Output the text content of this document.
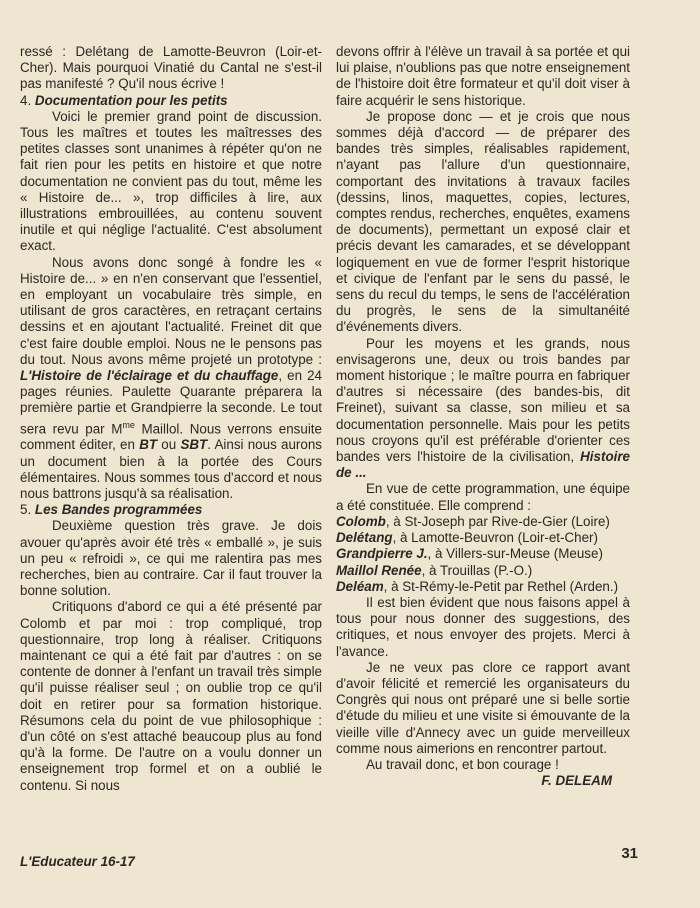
ressé : Delétang de Lamotte-Beuvron (Loir-et-Cher). Mais pourquoi Vinatié du Cantal ne s'est-il pas manifesté ? Qu'il nous écrive !

4. Documentation pour les petits

Voici le premier grand point de discussion. Tous les maîtres et toutes les maîtresses des petites classes sont unanimes à répéter qu'on ne fait rien pour les petits en histoire et que notre documentation ne convient pas du tout, même les « Histoire de... », trop difficiles à lire, aux illustrations embrouillées, au contenu souvent inutile et qui néglige l'actualité. C'est absolument exact.

Nous avons donc songé à fondre les « Histoire de... » en n'en conservant que l'essentiel, en employant un vocabulaire très simple, en utilisant de gros caractères, en retraçant certains dessins et en ajoutant l'actualité. Freinet dit que c'est faire double emploi. Nous ne le pensons pas du tout. Nous avons même projeté un prototype : L'Histoire de l'éclairage et du chauffage, en 24 pages réunies. Paulette Quarante préparera la première partie et Grandpierre la seconde. Le tout sera revu par $M^{me}$ Maillol. Nous verrons ensuite comment éditer, en BT ou SBT. Ainsi nous aurons un document bien à la portée des Cours élémentaires. Nous sommes tous d'accord et nous nous battrons jusqu'à sa réalisation.

5. Les Bandes programmées

Deuxième question très grave. Je dois avouer qu'après avoir été très « emballé », je suis un peu « refroidi », ce qui me ralentira pas mes recherches, bien au contraire. Car il faut trouver la bonne solution.

Critiquons d'abord ce qui a été présenté par Colomb et par moi : trop compliqué, trop questionnaire, trop long à réaliser. Critiquons maintenant ce qui a été fait par d'autres : on se contente de donner à l'enfant un travail très simple qu'il puisse réaliser seul ; on oublie trop ce qu'il doit en retirer pour sa formation historique. Résumons cela du point de vue philosophique : d'un côté on s'est attaché beaucoup plus au fond qu'à la forme. De l'autre on a voulu donner un enseignement trop formel et on a oublié le contenu. Si nous

devons offrir à l'élève un travail à sa portée et qui lui plaise, n'oublions pas que notre enseignement de l'histoire doit être formateur et qu'il doit viser à faire acquérir le sens historique.

Je propose donc — et je crois que nous sommes déjà d'accord — de préparer des bandes très simples, réalisables rapidement, n'ayant pas l'allure d'un questionnaire, comportant des invitations à travaux faciles (dessins, linos, maquettes, copies, lectures, comptes rendus, recherches, enquêtes, examens de documents), permettant un exposé clair et précis devant les camarades, et se développant logiquement en vue de former l'esprit historique et civique de l'enfant par le sens du passé, le sens du recul du temps, le sens de l'accélération du progrès, le sens de la simultanéité d'événements divers.

Pour les moyens et les grands, nous envisagerons une, deux ou trois bandes par moment historique ; le maître pourra en fabriquer d'autres si nécessaire (des bandes-bis, dit Freinet), suivant sa classe, son milieu et sa documentation personnelle. Mais pour les petits nous croyons qu'il est préférable d'orienter ces bandes vers l'histoire de la civilisation, Histoire de ...

En vue de cette programmation, une équipe a été constituée. Elle comprend :

Colomb, à St-Joseph par Rive-de-Gier (Loire)

Delétang, à Lamotte-Beuvron (Loir-et-Cher)

Grandpierre J., à Villers-sur-Meuse (Meuse)

Maillol Renée, à Trouillas (P.-O.)

Deléam, à St-Rémy-le-Petit par Rethel (Arden.)

Il est bien évident que nous faisons appel à tous pour nous donner des suggestions, des critiques, et nous envoyer des projets. Merci à l'avance.

Je ne veux pas clore ce rapport avant d'avoir félicité et remercié les organisateurs du Congrès qui nous ont préparé une si belle sortie d'étude du milieu et une visite si émouvante de la vieille ville d'Annecy avec un guide merveilleux comme nous aimerions en rencontrer partout.

Au travail donc, et bon courage !

F. DELEAM

L'Educateur 16-17	31
